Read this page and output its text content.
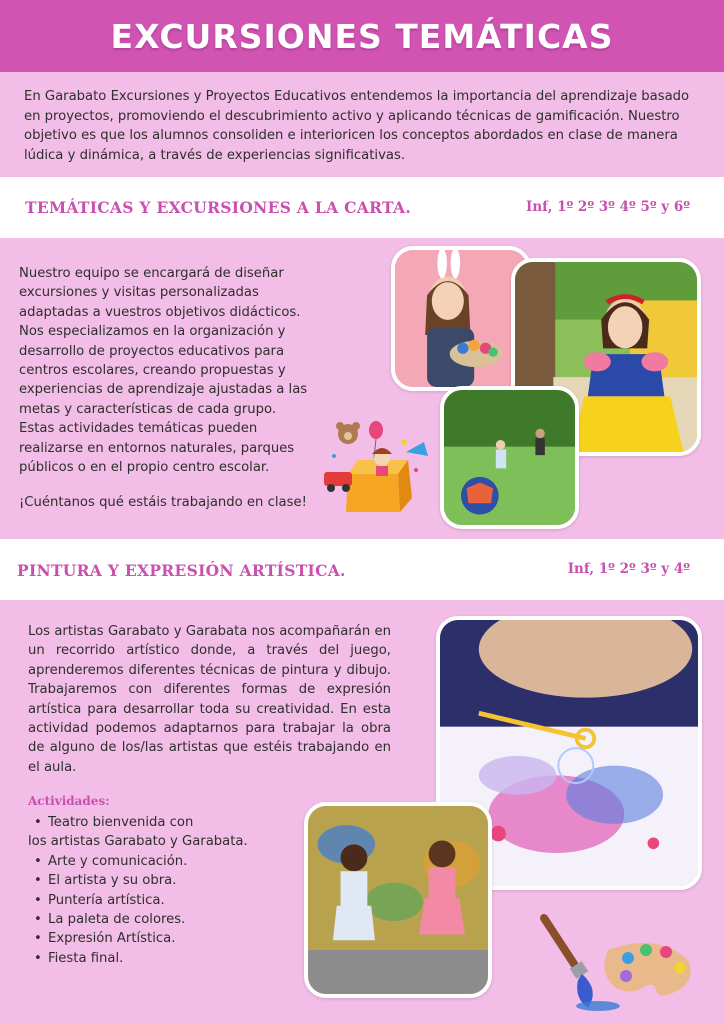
EXCURSIONES TEMÁTICAS

En Garabato Excursiones y Proyectos Educativos entendemos la importancia del aprendizaje basado en proyectos, promoviendo el descubrimiento activo y aplicando técnicas de gamificación. Nuestro objetivo es que los alumnos consoliden e interioricen los conceptos abordados en clase de manera lúdica y dinámica, a través de experiencias significativas.

TEMÁTICAS Y EXCURSIONES A LA CARTA.	Inf, 1º 2º 3º 4º 5º y 6º

Nuestro equipo se encargará de diseñar excursiones y visitas personalizadas adaptadas a vuestros objetivos didácticos. Nos especializamos en la organización y desarrollo de proyectos educativos para centros escolares, creando propuestas y experiencias de aprendizaje ajustadas a las metas y características de cada grupo. Estas actividades temáticas pueden realizarse en entornos naturales, parques públicos o en el propio centro escolar.

¡Cuéntanos qué estáis trabajando en clase!

PINTURA Y EXPRESIÓN ARTÍSTICA.	Inf, 1º 2º 3º y 4º

Los artistas Garabato y Garabata nos acompañarán en un recorrido artístico donde, a través del juego, aprenderemos diferentes técnicas de pintura y dibujo. Trabajaremos con diferentes formas de expresión artística para desarrollar toda su creatividad. En esta actividad podemos adaptarnos para trabajar la obra de alguno de los/las artistas que estéis trabajando en el aula.

Actividades:
• Teatro bienvenida con
los artistas Garabato y Garabata.
• Arte y comunicación.
• El artista y su obra.
• Puntería artística.
• La paleta de colores.
• Expresión Artística.
• Fiesta final.
